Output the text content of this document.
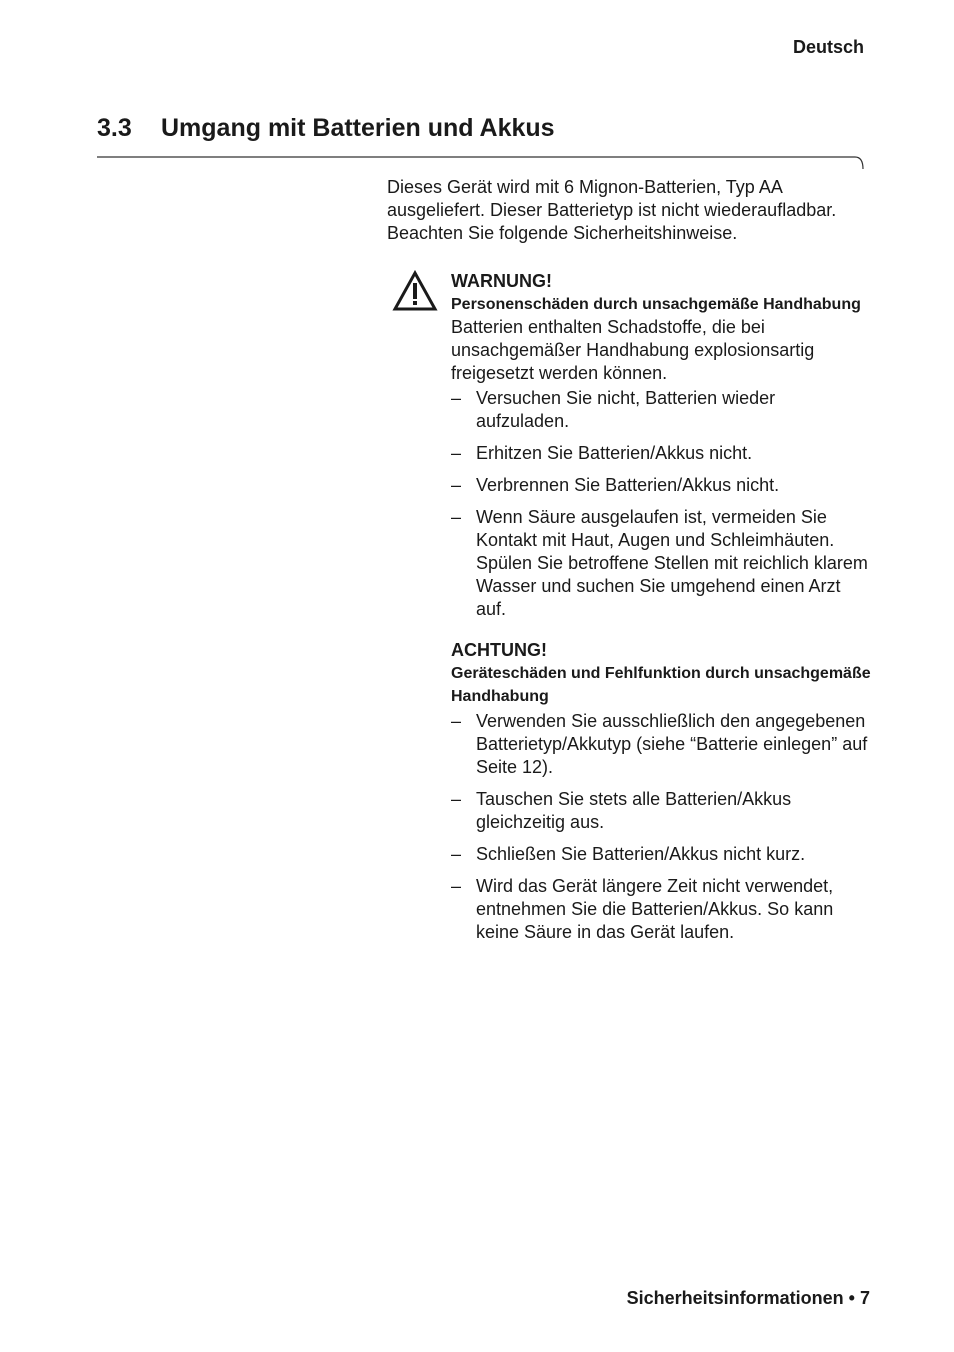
Deutsch
3.3 Umgang mit Batterien und Akkus

Dieses Gerät wird mit 6 Mignon-Batterien, Typ AA ausgeliefert. Dieser Batterietyp ist nicht wiederaufladbar. Beachten Sie folgende Sicherheitshinweise.

WARNUNG!

Personenschäden durch unsachgemäße Handhabung

Batterien enthalten Schadstoffe, die bei unsachgemäßer Handhabung explosionsartig freigesetzt werden können.

– Versuchen Sie nicht, Batterien wieder aufzuladen.
– Erhitzen Sie Batterien/Akkus nicht.
– Verbrennen Sie Batterien/Akkus nicht.
– Wenn Säure ausgelaufen ist, vermeiden Sie Kontakt mit Haut, Augen und Schleimhäuten. Spülen Sie betroffene Stellen mit reichlich klarem Wasser und suchen Sie umgehend einen Arzt auf.

ACHTUNG!

Geräteschäden und Fehlfunktion durch unsachgemäße Handhabung

– Verwenden Sie ausschließlich den angegebenen Batterietyp/Akkutyp (siehe “Batterie einlegen” auf Seite 12).
– Tauschen Sie stets alle Batterien/Akkus gleichzeitig aus.
– Schließen Sie Batterien/Akkus nicht kurz.
– Wird das Gerät längere Zeit nicht verwendet, entnehmen Sie die Batterien/Akkus. So kann keine Säure in das Gerät laufen.
Sicherheitsinformationen • 7
